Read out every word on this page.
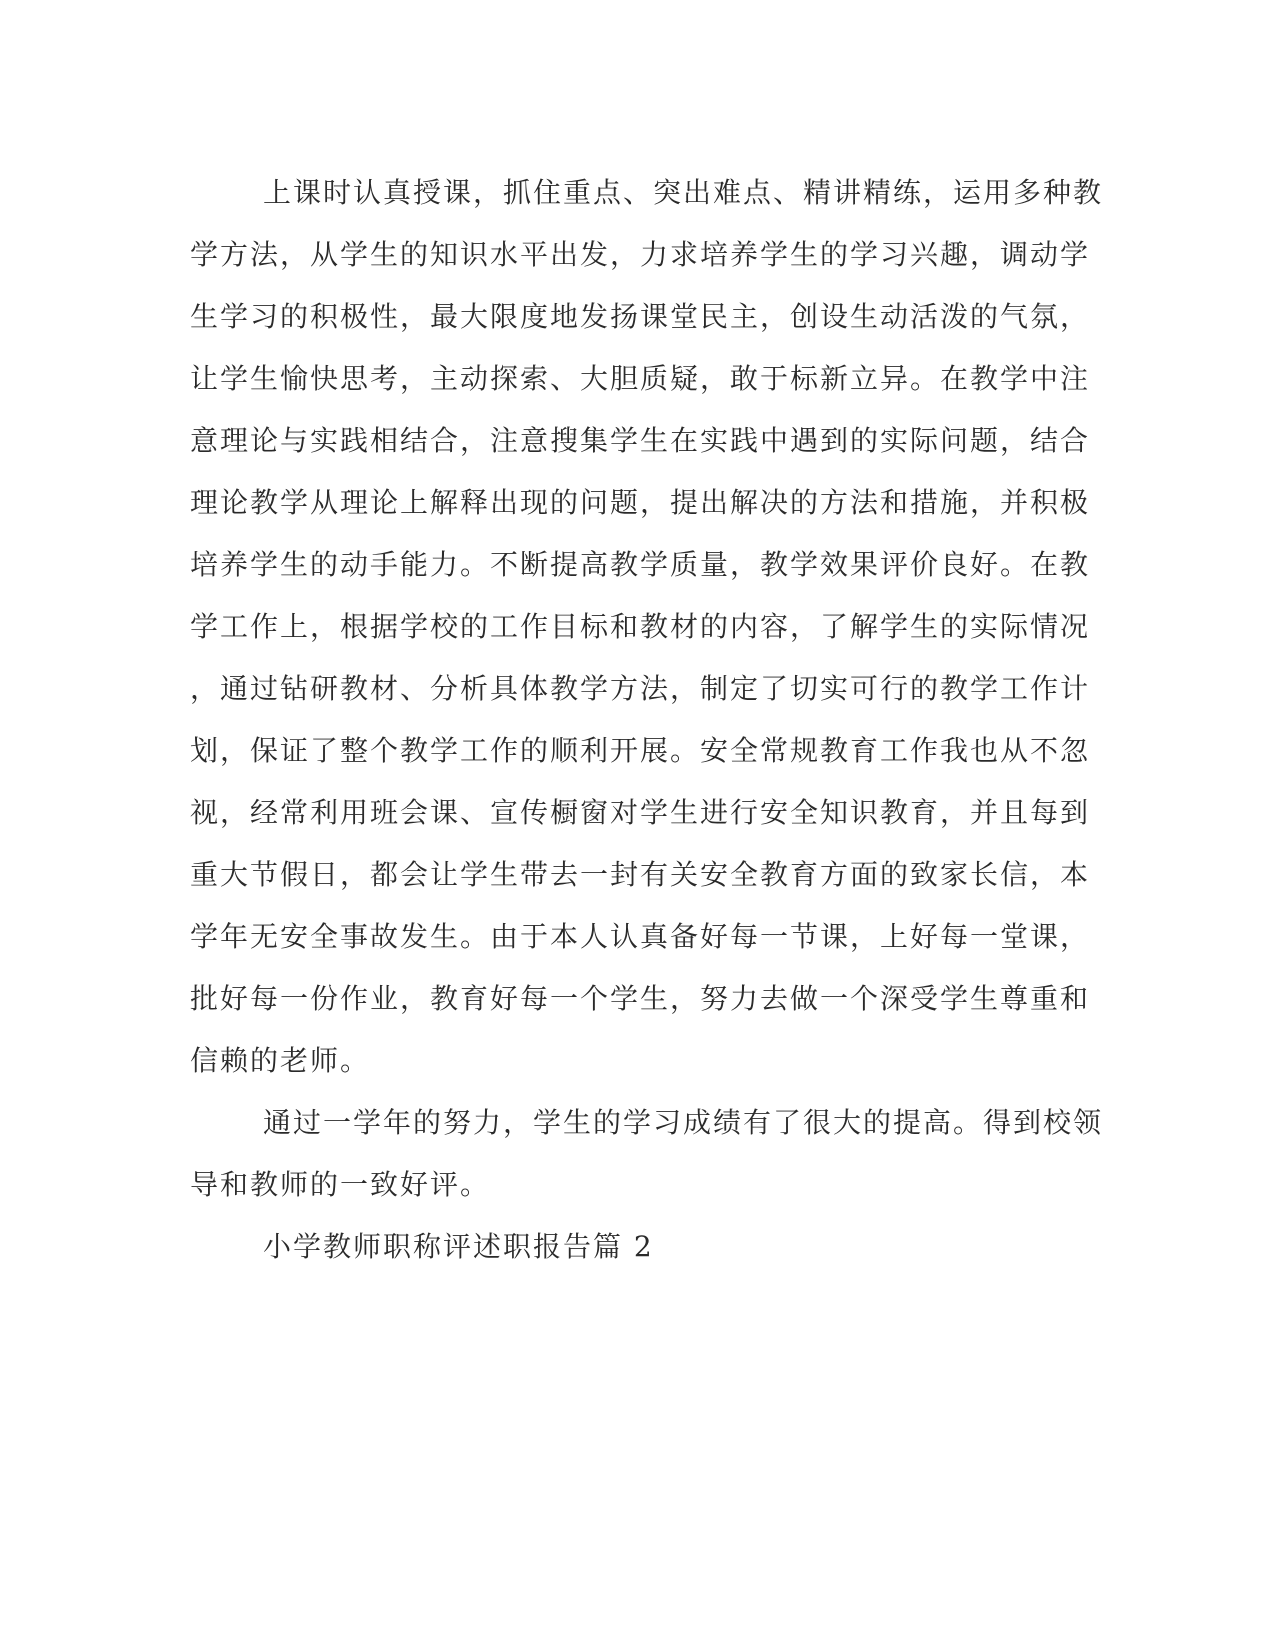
上课时认真授课，抓住重点、突出难点、精讲精练，运用多种教
学方法，从学生的知识水平出发，力求培养学生的学习兴趣，调动学
生学习的积极性，最大限度地发扬课堂民主，创设生动活泼的气氛，
让学生愉快思考，主动探索、大胆质疑，敢于标新立异。在教学中注
意理论与实践相结合，注意搜集学生在实践中遇到的实际问题，结合
理论教学从理论上解释出现的问题，提出解决的方法和措施，并积极
培养学生的动手能力。不断提高教学质量，教学效果评价良好。在教
学工作上，根据学校的工作目标和教材的内容，了解学生的实际情况
，通过钻研教材、分析具体教学方法，制定了切实可行的教学工作计
划，保证了整个教学工作的顺利开展。安全常规教育工作我也从不忽
视，经常利用班会课、宣传橱窗对学生进行安全知识教育，并且每到
重大节假日，都会让学生带去一封有关安全教育方面的致家长信，本
学年无安全事故发生。由于本人认真备好每一节课，上好每一堂课，
批好每一份作业，教育好每一个学生，努力去做一个深受学生尊重和
信赖的老师。
通过一学年的努力，学生的学习成绩有了很大的提高。得到校领
导和教师的一致好评。
小学教师职称评述职报告篇 2
